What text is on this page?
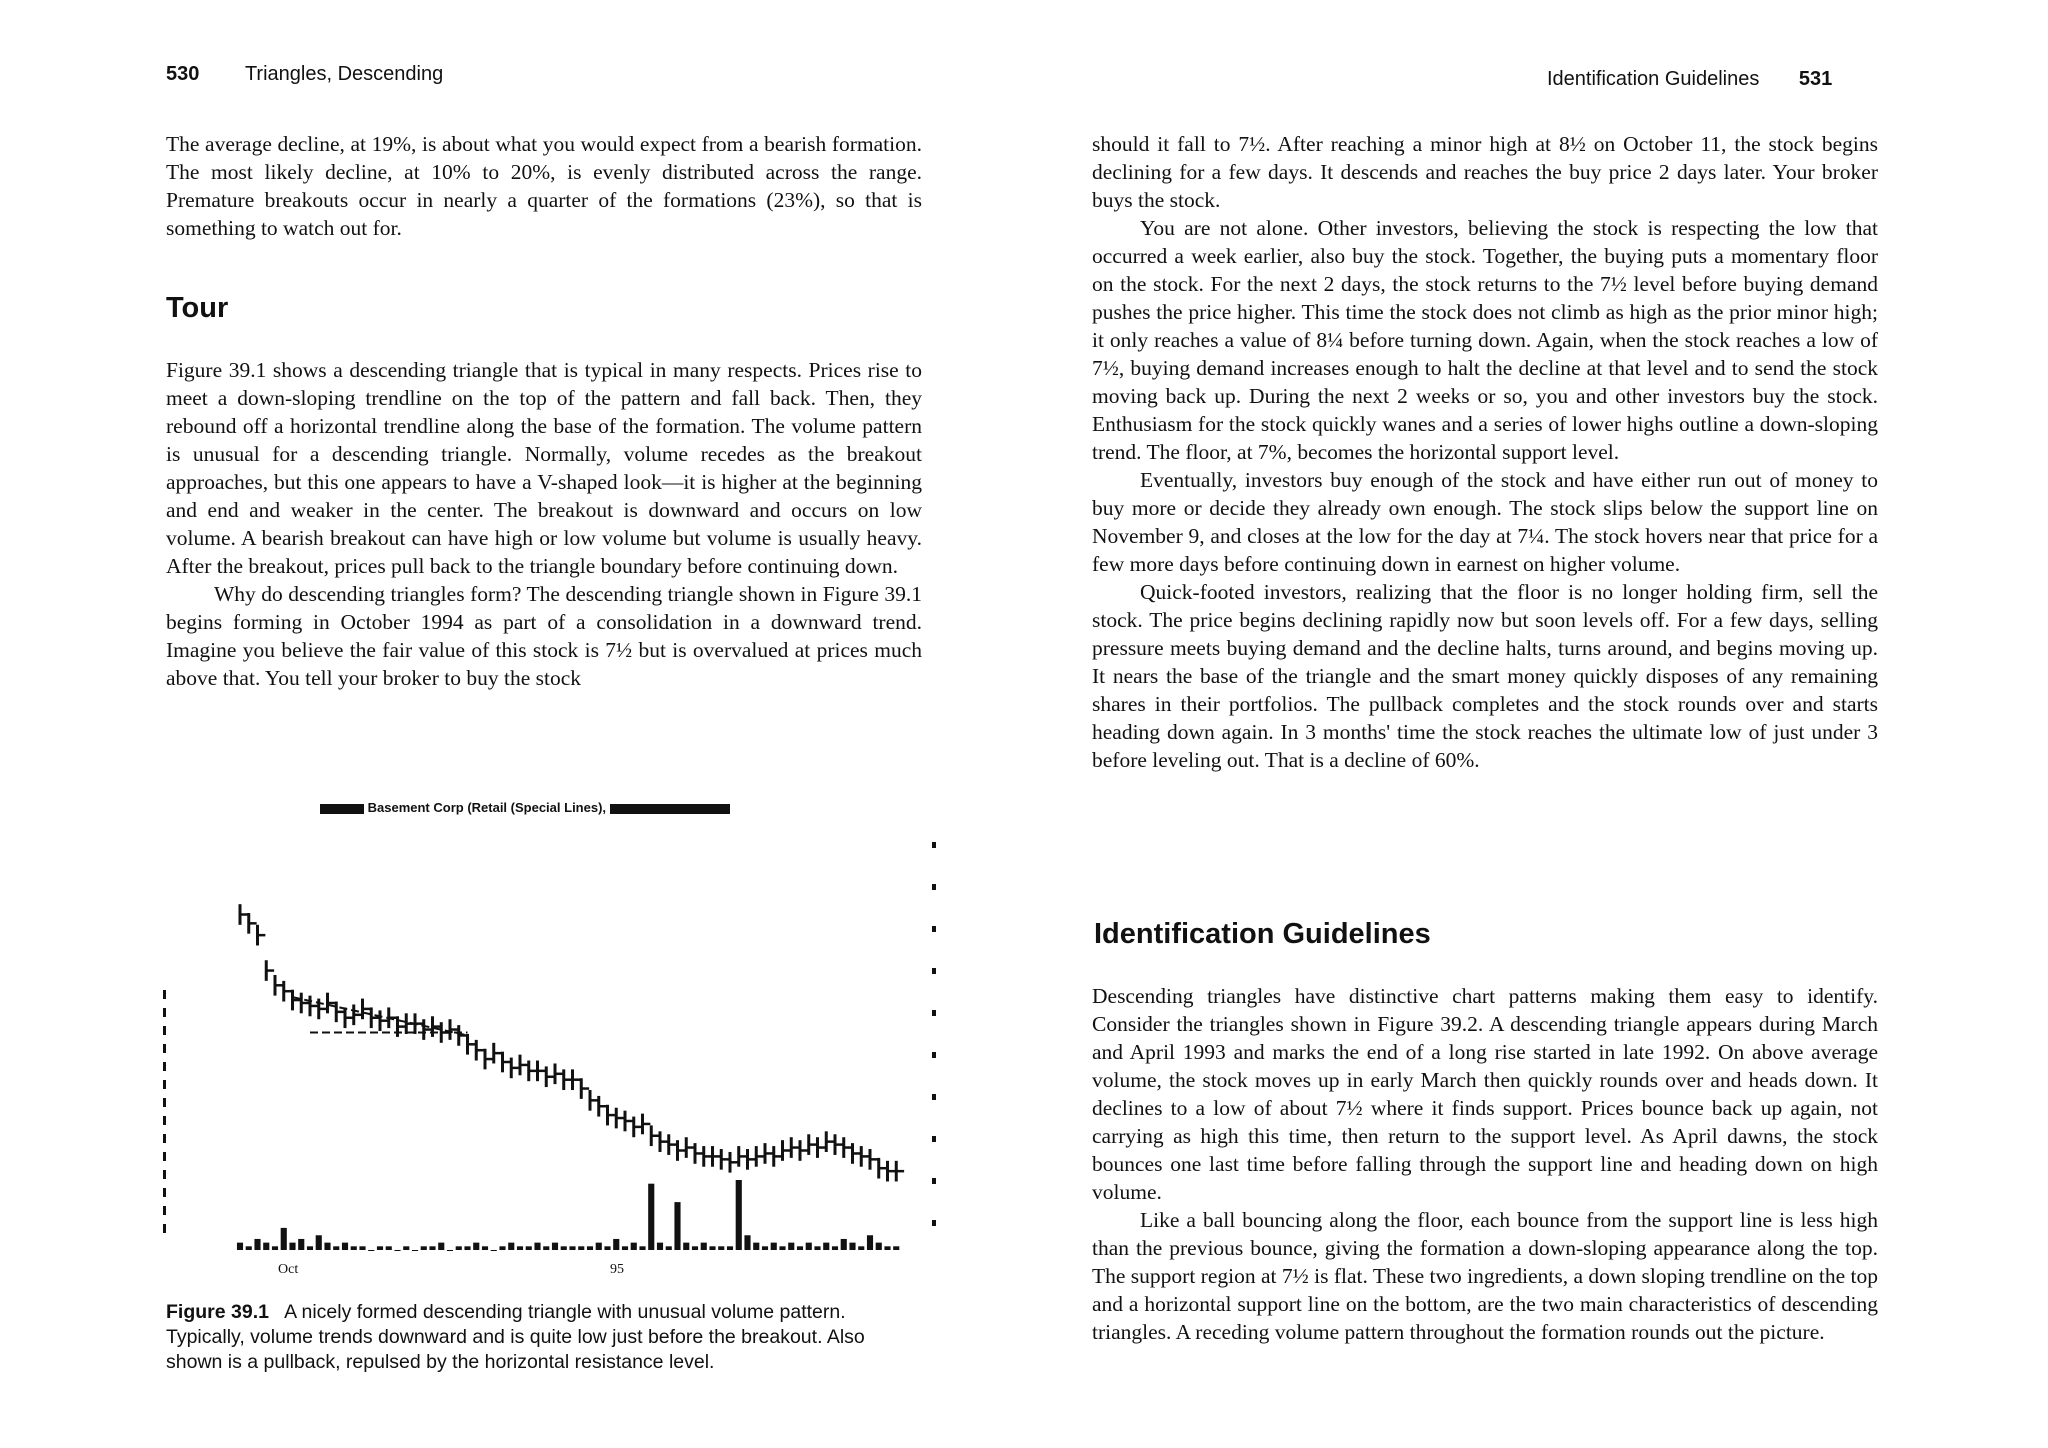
530 Triangles, Descending

The average decline, at 19%, is about what you would expect from a bearish formation. The most likely decline, at 10% to 20%, is evenly distributed across the range. Premature breakouts occur in nearly a quarter of the formations (23%), so that is something to watch out for.

Tour

Figure 39.1 shows a descending triangle that is typical in many respects. Prices rise to meet a down-sloping trendline on the top of the pattern and fall back. Then, they rebound off a horizontal trendline along the base of the formation. The volume pattern is unusual for a descending triangle. Normally, volume recedes as the breakout approaches, but this one appears to have a V-shaped look—it is higher at the beginning and end and weaker in the center. The breakout is downward and occurs on low volume. A bearish breakout can have high or low volume but volume is usually heavy. After the breakout, prices pull back to the triangle boundary before continuing down.

Why do descending triangles form? The descending triangle shown in Figure 39.1 begins forming in October 1994 as part of a consolidation in a downward trend. Imagine you believe the fair value of this stock is 7½ but is overvalued at prices much above that. You tell your broker to buy the stock

Basement Corp (Retail (Special Lines),
Oct	95
Figure 39.1 A nicely formed descending triangle with unusual volume pattern. Typically, volume trends downward and is quite low just before the breakout. Also shown is a pullback, repulsed by the horizontal resistance level.
Identification Guidelines 531

should it fall to 7½. After reaching a minor high at 8½ on October 11, the stock begins declining for a few days. It descends and reaches the buy price 2 days later. Your broker buys the stock.

You are not alone. Other investors, believing the stock is respecting the low that occurred a week earlier, also buy the stock. Together, the buying puts a momentary floor on the stock. For the next 2 days, the stock returns to the 7½ level before buying demand pushes the price higher. This time the stock does not climb as high as the prior minor high; it only reaches a value of 8¼ before turning down. Again, when the stock reaches a low of 7½, buying demand increases enough to halt the decline at that level and to send the stock moving back up. During the next 2 weeks or so, you and other investors buy the stock. Enthusiasm for the stock quickly wanes and a series of lower highs outline a down-sloping trend. The floor, at 7%, becomes the horizontal support level.

Eventually, investors buy enough of the stock and have either run out of money to buy more or decide they already own enough. The stock slips below the support line on November 9, and closes at the low for the day at 7¼. The stock hovers near that price for a few more days before continuing down in earnest on higher volume.

Quick-footed investors, realizing that the floor is no longer holding firm, sell the stock. The price begins declining rapidly now but soon levels off. For a few days, selling pressure meets buying demand and the decline halts, turns around, and begins moving up. It nears the base of the triangle and the smart money quickly disposes of any remaining shares in their portfolios. The pullback completes and the stock rounds over and starts heading down again. In 3 months' time the stock reaches the ultimate low of just under 3 before leveling out. That is a decline of 60%.

Identification Guidelines

Descending triangles have distinctive chart patterns making them easy to identify. Consider the triangles shown in Figure 39.2. A descending triangle appears during March and April 1993 and marks the end of a long rise started in late 1992. On above average volume, the stock moves up in early March then quickly rounds over and heads down. It declines to a low of about 7½ where it finds support. Prices bounce back up again, not carrying as high this time, then return to the support level. As April dawns, the stock bounces one last time before falling through the support line and heading down on high volume.

Like a ball bouncing along the floor, each bounce from the support line is less high than the previous bounce, giving the formation a down-sloping appearance along the top. The support region at 7½ is flat. These two ingredients, a down sloping trendline on the top and a horizontal support line on the bottom, are the two main characteristics of descending triangles. A receding volume pattern throughout the formation rounds out the picture.
